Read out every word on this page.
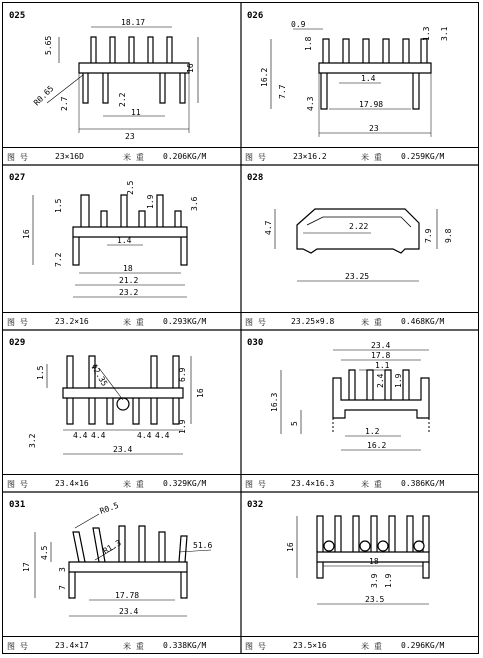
025
18.17
5.65
R0.65 2.7	2.2
11
23
16
图 号	23×16D	米 重 0.206KG/M
026
0.9
1.8
1.3 3.1
16.2
7.7
4.3
1.4
17.98
23
图 号	23×16.2	米 重 0.259KG/M
027
2.5
1.5	1.9	3.6
16
1.4
7.2
18
21.2
23.2
图 号	23.2×16	米 重 0.293KG/M
028
2.22
4.7
7.9 9.8
23.25
图 号	23.25×9.8	米 重 0.468KG/M
029
Φ2.35
1.5	6.9
16
4.4 4.4	4.4 4.4
1.9
3.2
23.4
图 号	23.4×16	米 重 0.329KG/M
030	23.4
17.8
1.1
2.4 1.9
16.3
5
1.2
16.2
图 号	23.4×16.3	米 重 0.386KG/M
031	R0.5
51.6
R1.3
4.5
17	3
7
17.78
23.4
图 号	23.4×17	米 重 0.338KG/M
032
16
18
3.9 1.9
23.5
图 号	23.5×16	米 重 0.296KG/M
